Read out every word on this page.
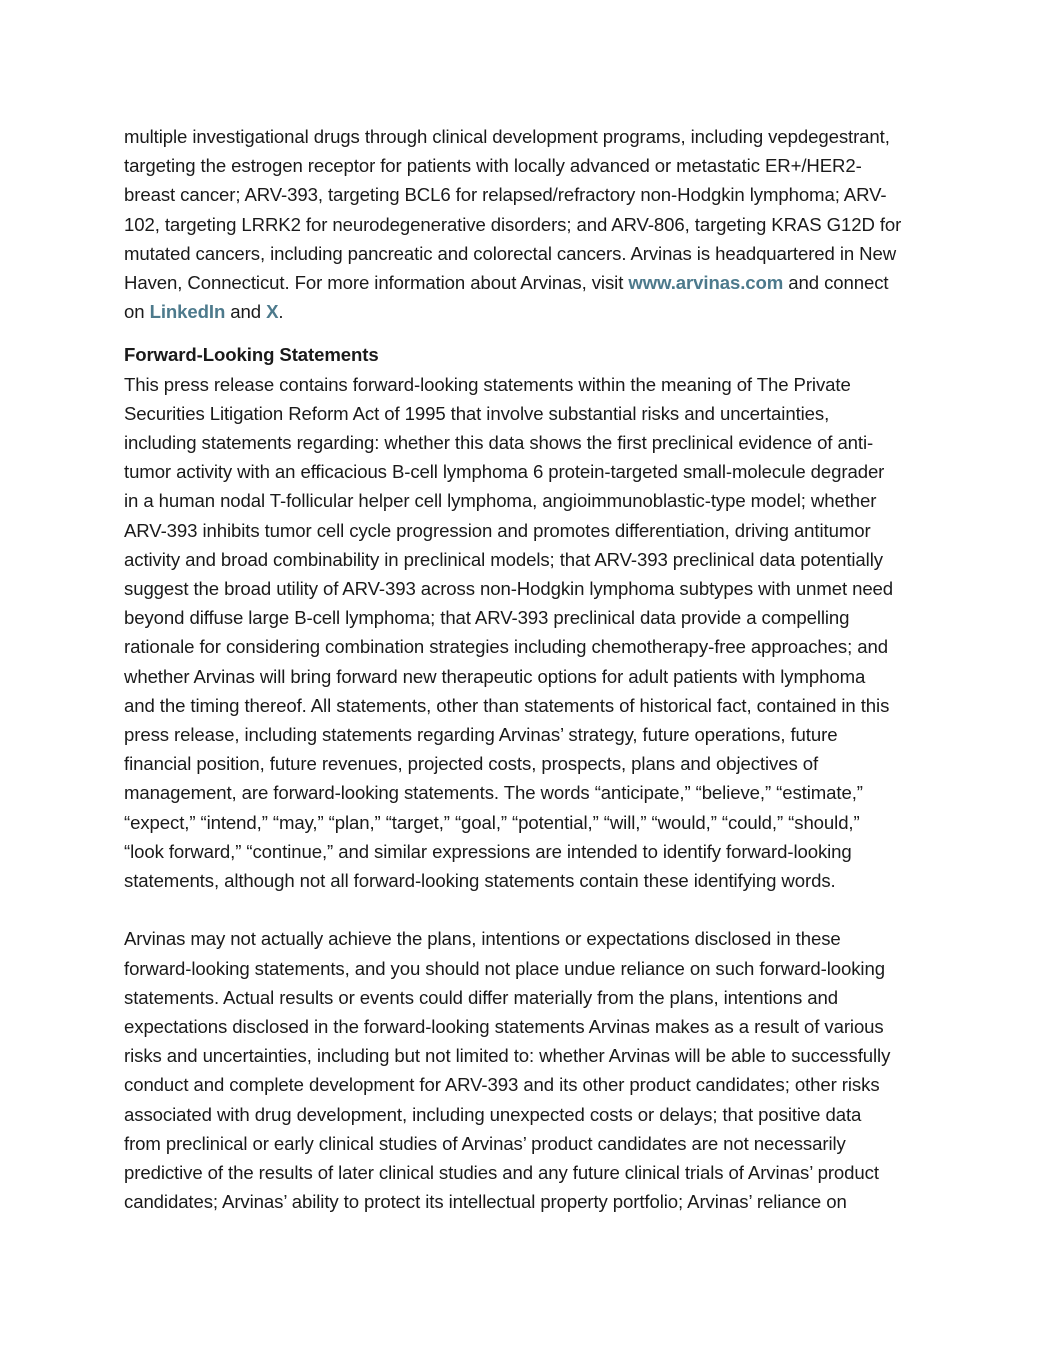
multiple investigational drugs through clinical development programs, including vepdegestrant,
targeting the estrogen receptor for patients with locally advanced or metastatic ER+/HER2-
breast cancer; ARV-393, targeting BCL6 for relapsed/refractory non-Hodgkin lymphoma; ARV-
102, targeting LRRK2 for neurodegenerative disorders; and ARV-806, targeting KRAS G12D for
mutated cancers, including pancreatic and colorectal cancers. Arvinas is headquartered in New
Haven, Connecticut. For more information about Arvinas, visit www.arvinas.com and connect
on LinkedIn and X.
Forward-Looking Statements
This press release contains forward-looking statements within the meaning of The Private
Securities Litigation Reform Act of 1995 that involve substantial risks and uncertainties,
including statements regarding: whether this data shows the first preclinical evidence of anti-
tumor activity with an efficacious B-cell lymphoma 6 protein-targeted small-molecule degrader
in a human nodal T-follicular helper cell lymphoma, angioimmunoblastic-type model; whether
ARV-393 inhibits tumor cell cycle progression and promotes differentiation, driving antitumor
activity and broad combinability in preclinical models; that ARV-393 preclinical data potentially
suggest the broad utility of ARV-393 across non-Hodgkin lymphoma subtypes with unmet need
beyond diffuse large B-cell lymphoma; that ARV-393 preclinical data provide a compelling
rationale for considering combination strategies including chemotherapy-free approaches; and
whether Arvinas will bring forward new therapeutic options for adult patients with lymphoma
and the timing thereof. All statements, other than statements of historical fact, contained in this
press release, including statements regarding Arvinas’ strategy, future operations, future
financial position, future revenues, projected costs, prospects, plans and objectives of
management, are forward-looking statements. The words “anticipate,” “believe,” “estimate,”
“expect,” “intend,” “may,” “plan,” “target,” “goal,” “potential,” “will,” “would,” “could,” “should,”
“look forward,” “continue,” and similar expressions are intended to identify forward-looking
statements, although not all forward-looking statements contain these identifying words.
Arvinas may not actually achieve the plans, intentions or expectations disclosed in these
forward-looking statements, and you should not place undue reliance on such forward-looking
statements. Actual results or events could differ materially from the plans, intentions and
expectations disclosed in the forward-looking statements Arvinas makes as a result of various
risks and uncertainties, including but not limited to: whether Arvinas will be able to successfully
conduct and complete development for ARV-393 and its other product candidates; other risks
associated with drug development, including unexpected costs or delays; that positive data
from preclinical or early clinical studies of Arvinas’ product candidates are not necessarily
predictive of the results of later clinical studies and any future clinical trials of Arvinas’ product
candidates; Arvinas’ ability to protect its intellectual property portfolio; Arvinas’ reliance on
